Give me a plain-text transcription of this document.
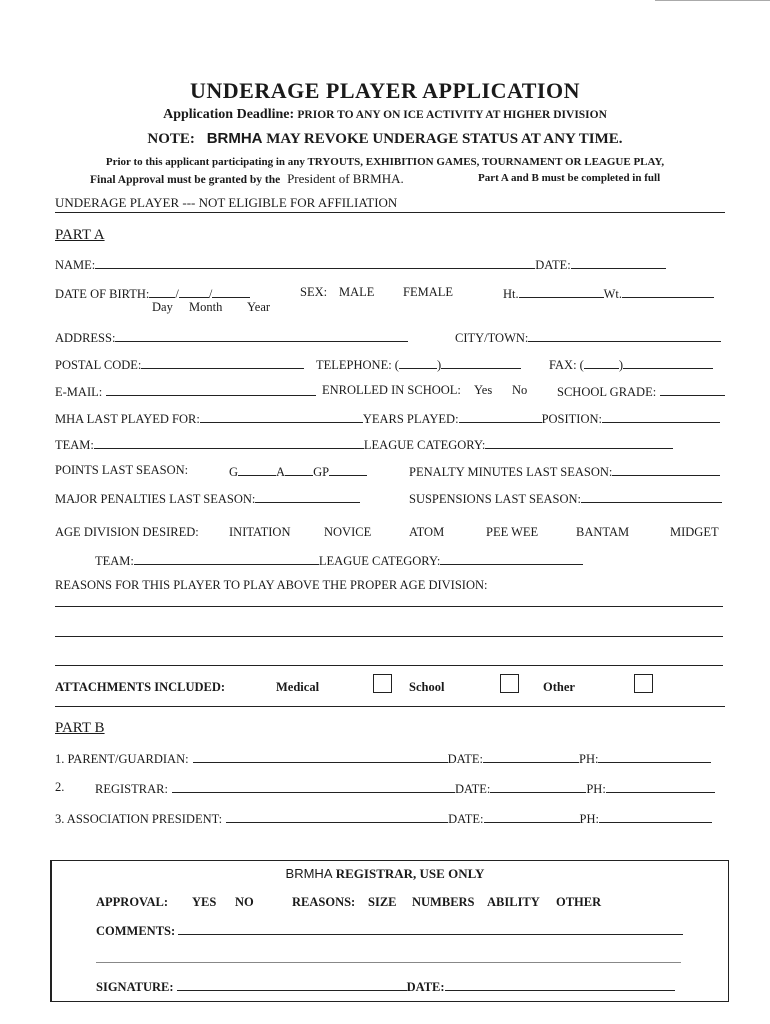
UNDERAGE PLAYER APPLICATION
Application Deadline: PRIOR TO ANY ON ICE ACTIVITY AT HIGHER DIVISION
NOTE: BRMHA MAY REVOKE UNDERAGE STATUS AT ANY TIME.
Prior to this applicant participating in any TRYOUTS, EXHIBITION GAMES, TOURNAMENT OR LEAGUE PLAY,
Final Approval must be granted by the President of BRMHA.	Part A and B must be completed in full
UNDERAGE PLAYER --- NOT ELIGIBLE FOR AFFILIATION
PART A
NAME:	DATE:
DATE OF BIRTH: / /
Day Month Year
SEX: MALE FEMALE	Ht.	Wt.
ADDRESS:	CITY/TOWN:
POSTAL CODE:	TELEPHONE: (	)	FAX: (	)
E-MAIL:	ENROLLED IN SCHOOL: Yes No SCHOOL GRADE:
MHA LAST PLAYED FOR:	YEARS PLAYED:	POSITION:
TEAM:	LEAGUE CATEGORY:
POINTS LAST SEASON:	G	A GP	PENALTY MINUTES LAST SEASON:
MAJOR PENALTIES LAST SEASON:	SUSPENSIONS LAST SEASON:
AGE DIVISION DESIRED: INITATION	NOVICE	ATOM	PEE WEE	BANTAM	MIDGET
TEAM:	LEAGUE CATEGORY:
REASONS FOR THIS PLAYER TO PLAY ABOVE THE PROPER AGE DIVISION:
ATTACHMENTS INCLUDED:	Medical	School	Other
PART B
1. PARENT/GUARDIAN:	DATE:	PH:
2. REGISTRAR:	DATE:	PH:
3. ASSOCIATION PRESIDENT:	DATE:	PH:
BRMHA REGISTRAR, USE ONLY
APPROVAL: YES NO	REASONS: SIZE NUMBERS ABILITY OTHER
COMMENTS:
SIGNATURE:	DATE:
